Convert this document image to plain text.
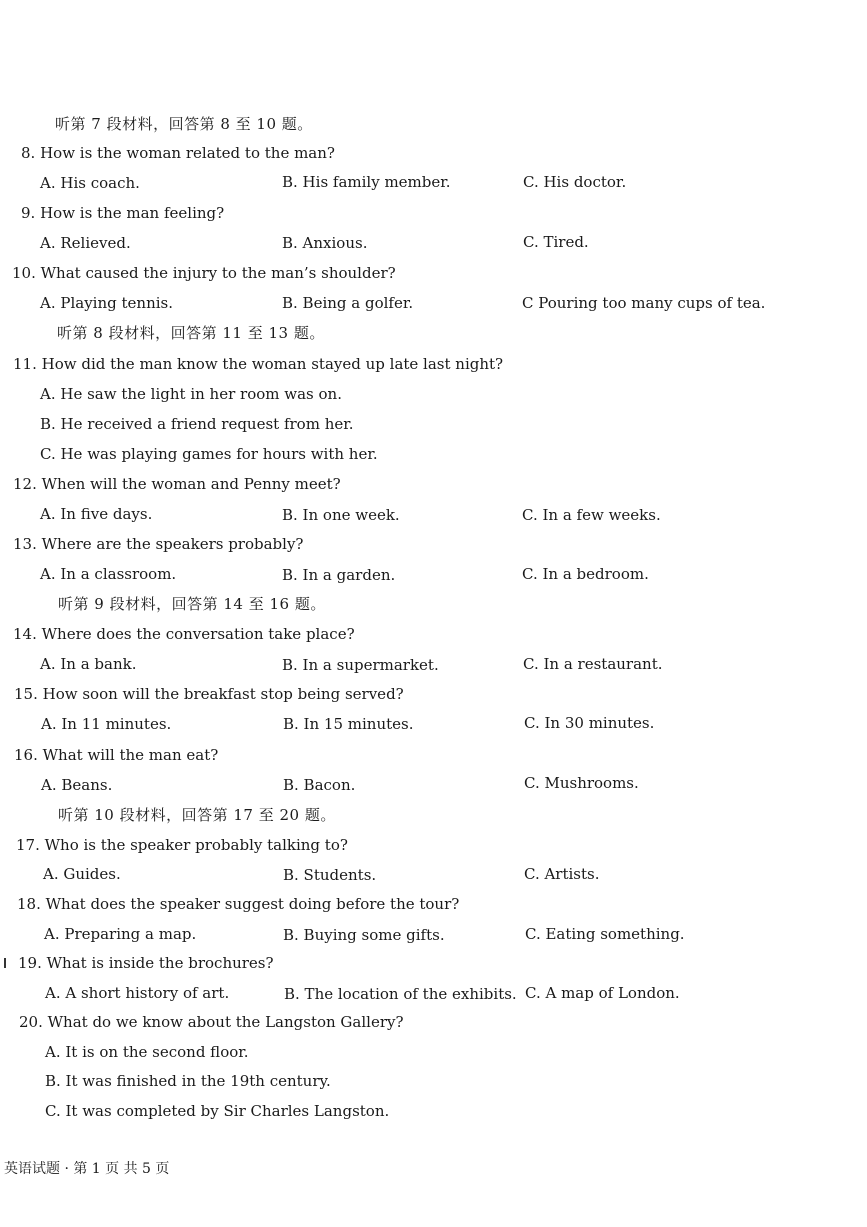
听第 7 段材料，回答第 8 至 10 题。
8. How is the woman related to the man?
A. His coach.	B. His family member.	C. His doctor.
9. How is the man feeling?
A. Relieved.	B. Anxious.	C. Tired.
10. What caused the injury to the man’s shoulder?
A. Playing tennis.	B. Being a golfer.	C Pouring too many cups of tea.
听第 8 段材料，回答第 11 至 13 题。
11. How did the man know the woman stayed up late last night?
A. He saw the light in her room was on.
B. He received a friend request from her.
C. He was playing games for hours with her.
12. When will the woman and Penny meet?
A. In five days.	B. In one week.	C. In a few weeks.
13. Where are the speakers probably?
A. In a classroom.	B. In a garden.	C. In a bedroom.
听第 9 段材料，回答第 14 至 16 题。
14. Where does the conversation take place?
A. In a bank.	B. In a supermarket.	C. In a restaurant.
15. How soon will the breakfast stop being served?
A. In 11 minutes.	B. In 15 minutes.	C. In 30 minutes.
16. What will the man eat?
A. Beans.	B. Bacon.	C. Mushrooms.
听第 10 段材料，回答第 17 至 20 题。
17. Who is the speaker probably talking to?
A. Guides.	B. Students.	C. Artists.
18. What does the speaker suggest doing before the tour?
A. Preparing a map.	B. Buying some gifts.	C. Eating something.
19. What is inside the brochures?
A. A short history of art.	B. The location of the exhibits. C. A map of London.
20. What do we know about the Langston Gallery?
A. It is on the second floor.
B. It was finished in the 19th century.
C. It was completed by Sir Charles Langston.
英语试题 · 第 1 页 共 5 页
